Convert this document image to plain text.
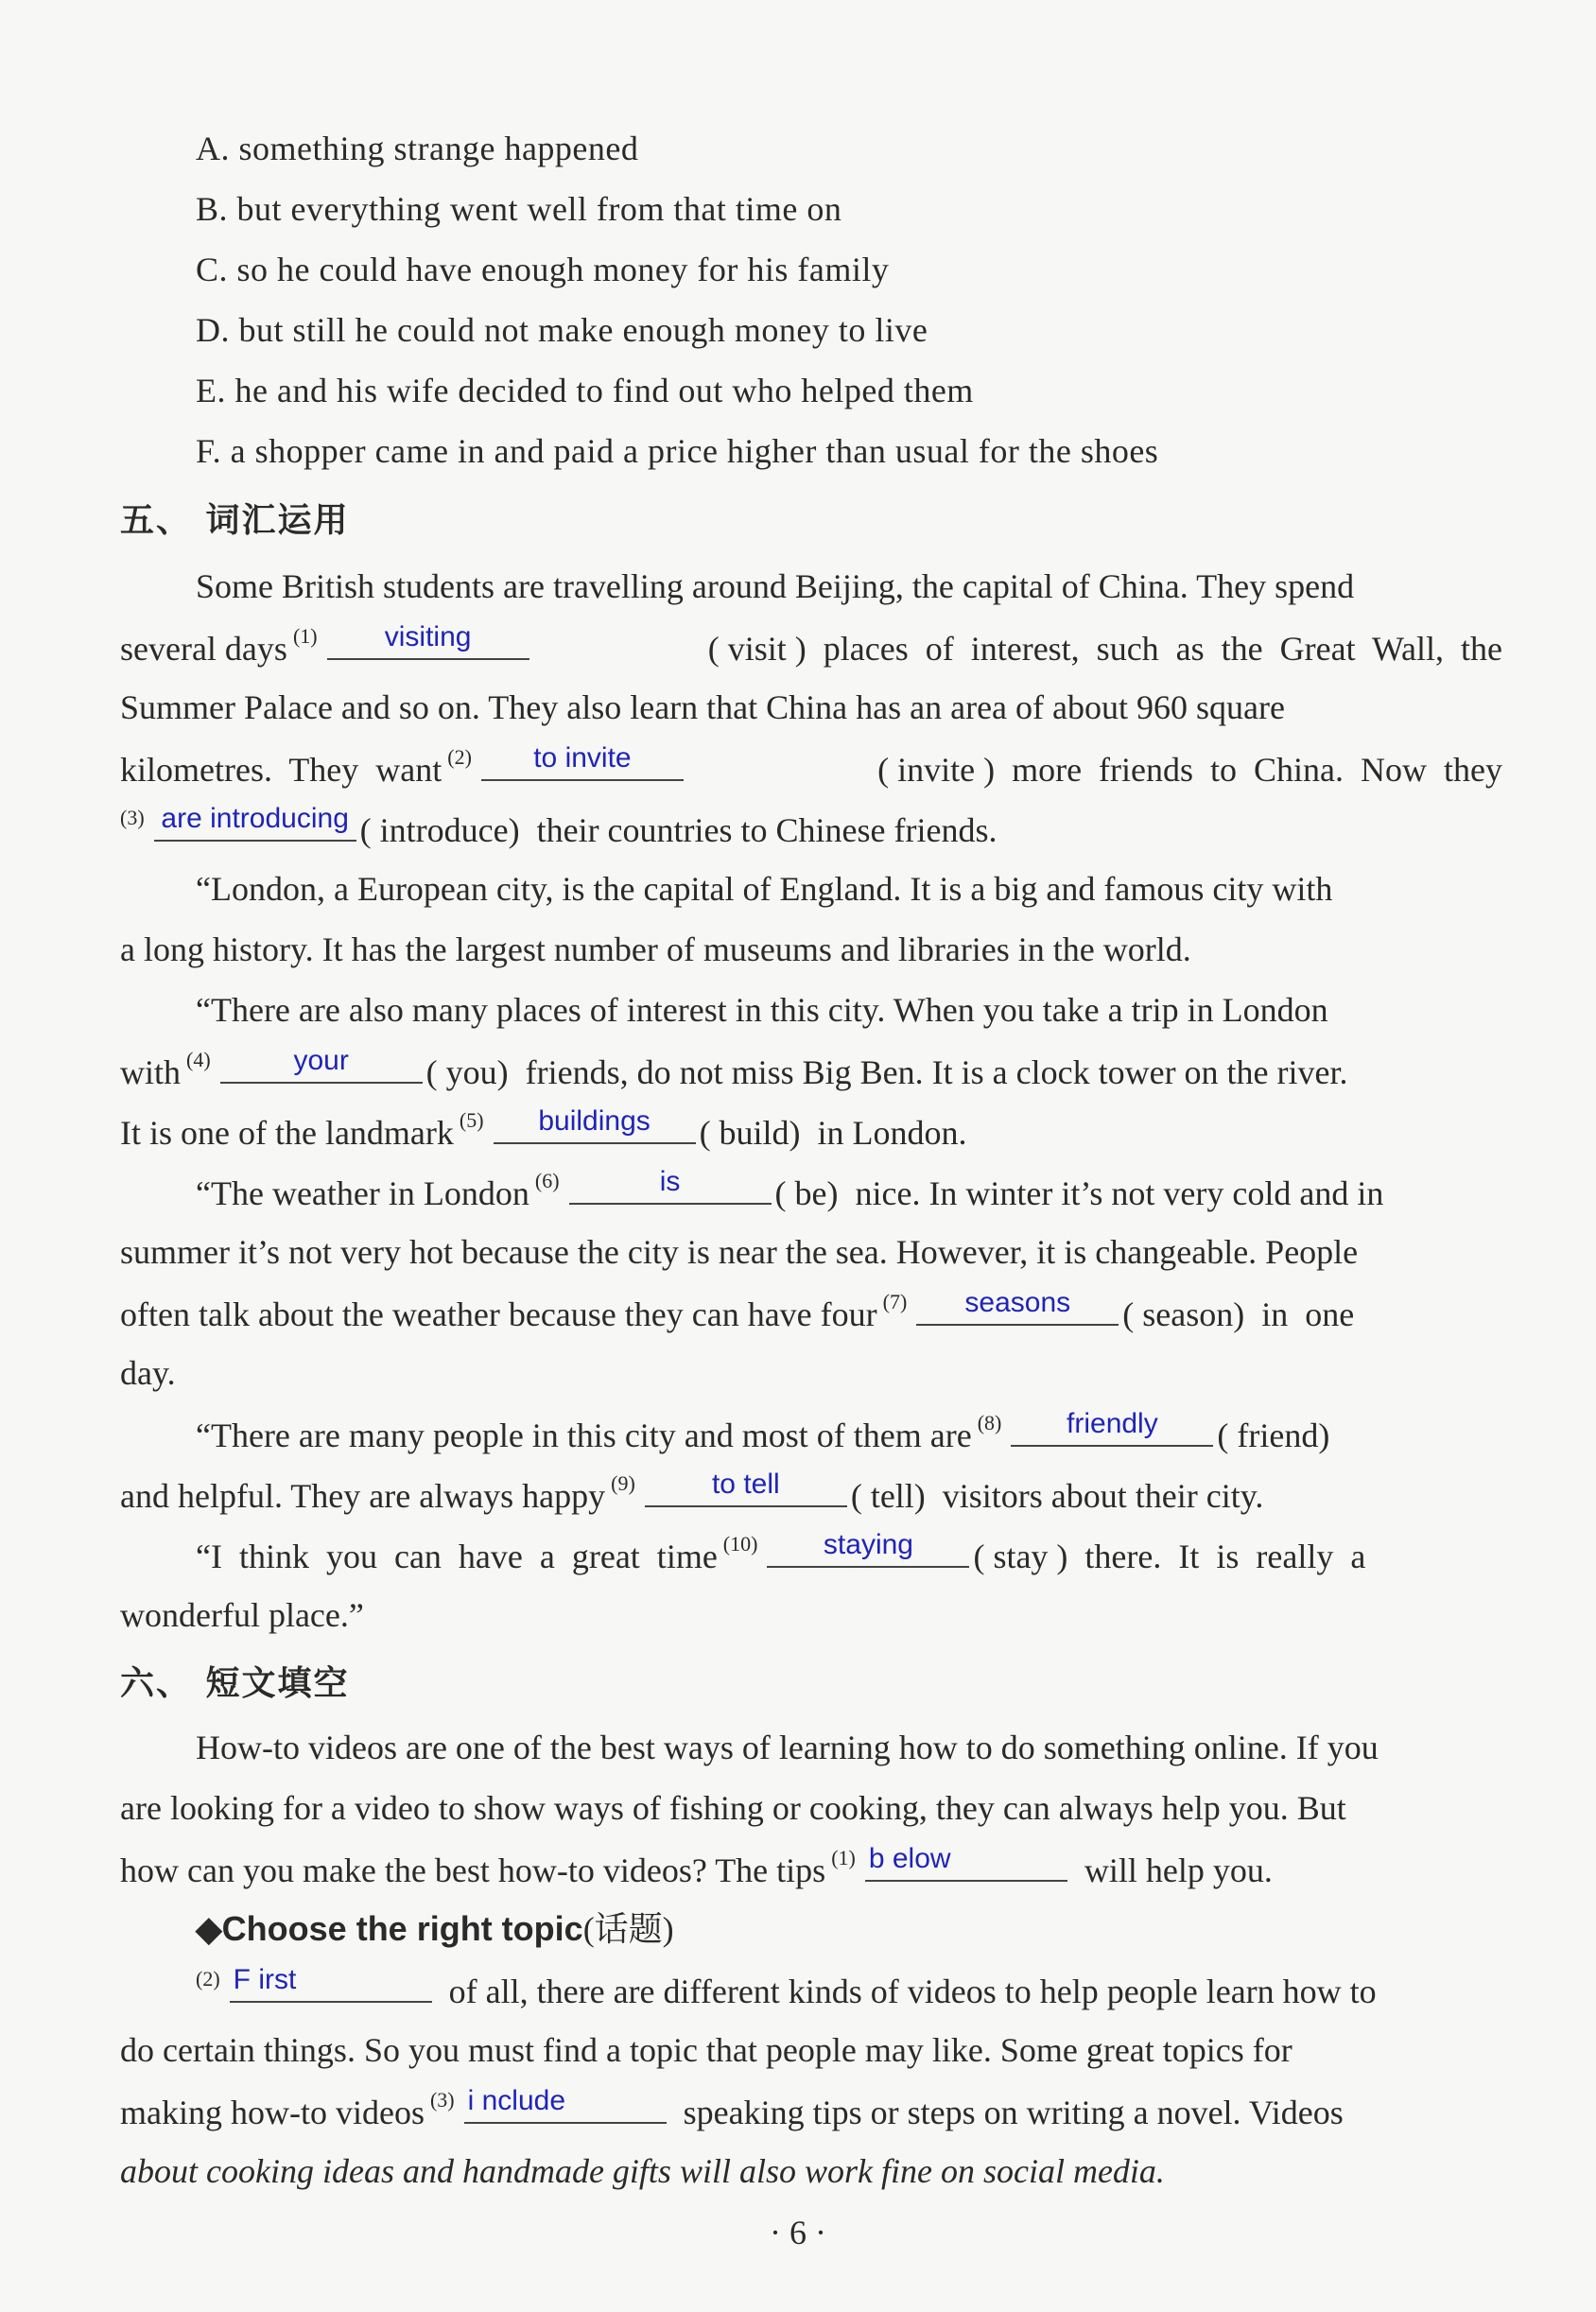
A. something strange happened
B. but everything went well from that time on
C. so he could have enough money for his family
D. but still he could not make enough money to live
E. he and his wife decided to find out who helped them
F. a shopper came in and paid a price higher than usual for the shoes
五、 词汇运用
Some British students are travelling around Beijing, the capital of China. They spend
several days $^{(1)}$	visiting	( visit )  places  of  interest,  such  as  the  Great  Wall,  the
Summer Palace and so on. They also learn that China has an area of about 960 square
kilometres.  They  want $^{(2)}$	to invite	( invite )  more  friends  to  China.  Now  they
(3) are introducing ( introduce)  their countries to Chinese friends.
“London, a European city, is the capital of England. It is a big and famous city with
a long history. It has the largest number of museums and libraries in the world.
“There are also many places of interest in this city. When you take a trip in London
with (4)	your	( you)  friends, do not miss Big Ben. It is a clock tower on the river.
It is one of the landmark (5)	buildings	( build)  in London.
“The weather in London (6)	is	( be)  nice. In winter it’s not very cold and in
summer it’s not very hot because the city is near the sea. However, it is changeable. People
often talk about the weather because they can have four (7)	seasons	( season)  in  one
day.
“There are many people in this city and most of them are (8)	friendly	( friend)
and helpful. They are always happy (9)	to tell	( tell)  visitors about their city.
“I  think  you  can  have  a  great  time (10)	staying	( stay )  there.  It  is  really  a
wonderful place.”
六、 短文填空
How-to videos are one of the best ways of learning how to do something online. If you
are looking for a video to show ways of fishing or cooking, they can always help you. But
how can you make the best how-to videos? The tips (1) b elow	will help you.
◆Choose the right topic (话题)
(2) F irst	of all, there are different kinds of videos to help people learn how to
do certain things. So you must find a topic that people may like. Some great topics for
making how-to videos (3) i nclude	speaking tips or steps on writing a novel. Videos
about cooking ideas and handmade gifts will also work fine on social media.
· 6 ·
